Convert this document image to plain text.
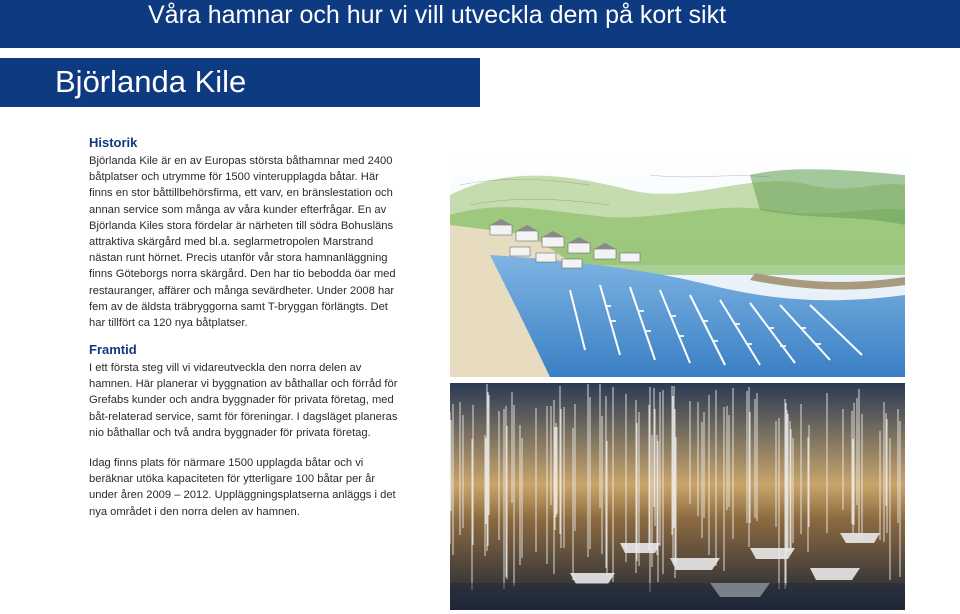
Våra hamnar och hur vi vill utveckla dem på kort sikt
Björlanda Kile
Historik

Björlanda Kile är en av Europas största båthamnar med 2400 båtplatser och utrymme för 1500 vinterupplagda båtar. Här finns en stor båttillbehörsfirma, ett varv, en bränslestation och annan service som många av våra kunder efterfrågar. En av Björlanda Kiles stora fördelar är närheten till södra Bohusläns attraktiva skärgård med bl.a. seglarmetropolen Marstrand nästan runt hörnet. Precis utanför vår stora hamnanläggning finns Göteborgs norra skärgård. Den har tio bebodda öar med restauranger, affärer och många sevärdheter. Under 2008 har fem av de äldsta träbryggorna samt T-bryggan förlängts. Det har tillfört ca 120 nya båtplatser.

Framtid

I ett första steg vill vi vidareutveckla den norra delen av hamnen. Här planerar vi byggnation av båthallar och förråd för Grefabs kunder och andra byggnader för privata företag, med båt-relaterad service, samt för föreningar. I dagsläget planeras nio båthallar och två andra byggnader för privata företag.

Idag finns plats för närmare 1500 upplagda båtar och vi beräknar utöka kapaciteten för ytterligare 100 båtar per år under åren 2009 – 2012. Uppläggningsplatserna anläggs i det nya området i den norra delen av hamnen.
